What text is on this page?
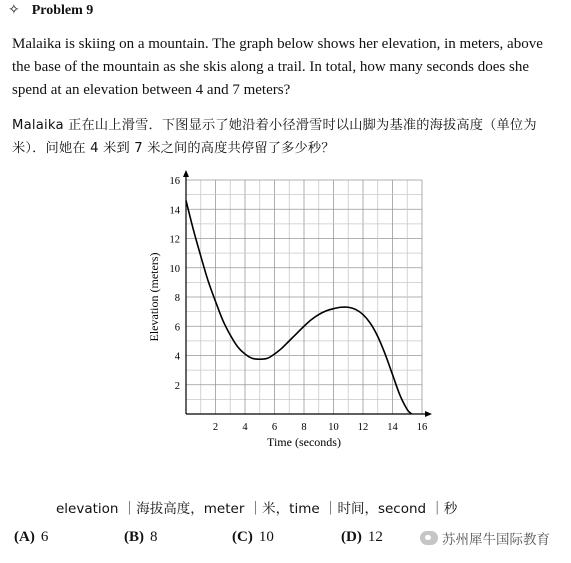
✧ Problem 9
Malaika is skiing on a mountain. The graph below shows her elevation, in meters, above the base of the mountain as she skis along a trail. In total, how many seconds does she spend at an elevation between 4 and 7 meters?
Malaika 正在山上滑雪．下图显示了她沿着小径滑雪时以山脚为基准的海拔高度（单位为米）．问她在 4 米到 7 米之间的高度共停留了多少秒？
2 4 6 8 10 12 14 16
2
4
6
8
10
12
14
16
Time (seconds)
Elevation (meters)
elevation ｜海拔高度，meter ｜米，time ｜时间，second ｜秒
(A) 6	(B) 8	(C) 10	(D) 12	苏州犀牛国际教育
